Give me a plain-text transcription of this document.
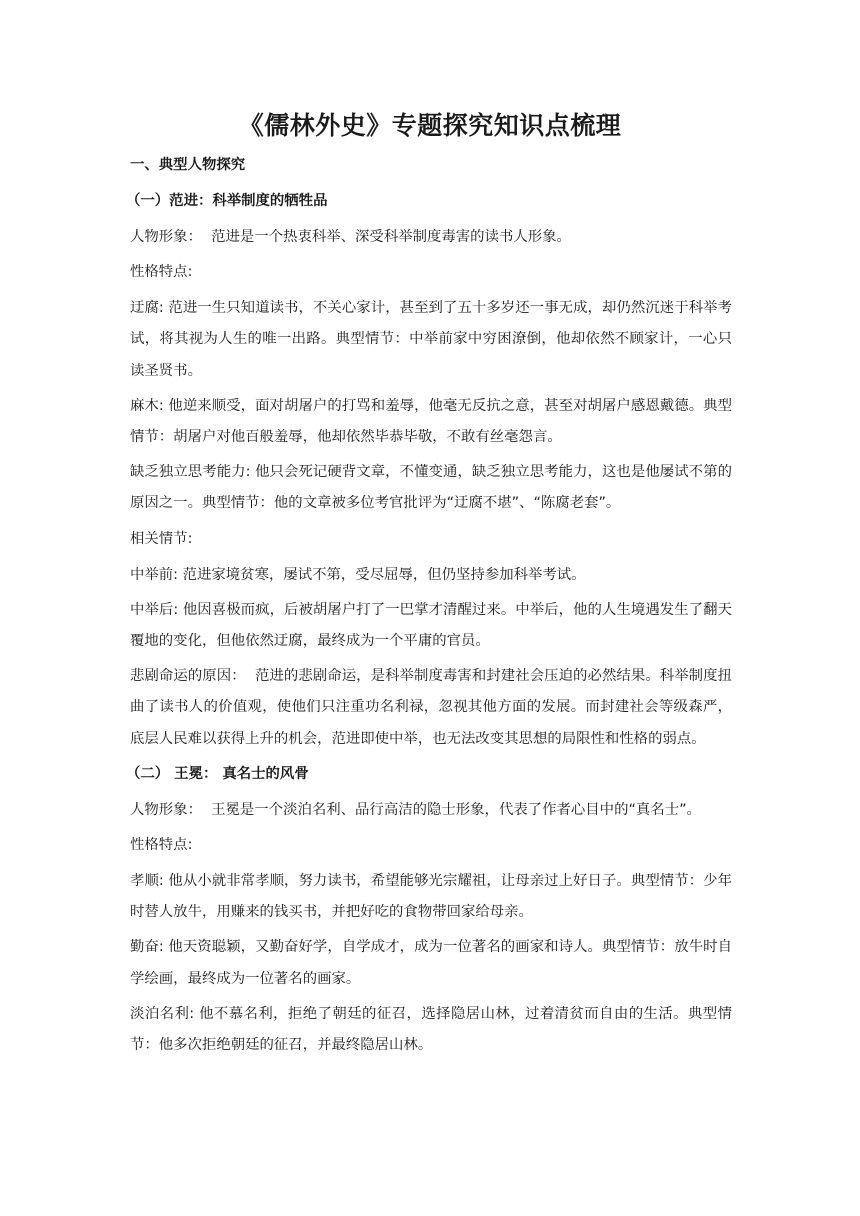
《儒林外史》专题探究知识点梳理

一、典型人物探究

（一）范进：科举制度的牺牲品

人物形象： 范进是一个热衷科举、深受科举制度毒害的读书人形象。

性格特点:

迂腐: 范进一生只知道读书，不关心家计，甚至到了五十多岁还一事无成，却仍然沉迷于科举考试，将其视为人生的唯一出路。典型情节：中举前家中穷困潦倒，他却依然不顾家计，一心只读圣贤书。

麻木: 他逆来顺受，面对胡屠户的打骂和羞辱，他毫无反抗之意，甚至对胡屠户感恩戴德。典型情节：胡屠户对他百般羞辱，他却依然毕恭毕敬，不敢有丝毫怨言。

缺乏独立思考能力: 他只会死记硬背文章，不懂变通，缺乏独立思考能力，这也是他屡试不第的原因之一。典型情节：他的文章被多位考官批评为“迂腐不堪”、“陈腐老套”。

相关情节:

中举前: 范进家境贫寒，屡试不第，受尽屈辱，但仍坚持参加科举考试。

中举后: 他因喜极而疯，后被胡屠户打了一巴掌才清醒过来。中举后，他的人生境遇发生了翻天覆地的变化，但他依然迂腐，最终成为一个平庸的官员。

悲剧命运的原因： 范进的悲剧命运，是科举制度毒害和封建社会压迫的必然结果。科举制度扭曲了读书人的价值观，使他们只注重功名利禄，忽视其他方面的发展。而封建社会等级森严，底层人民难以获得上升的机会，范进即使中举，也无法改变其思想的局限性和性格的弱点。

（二） 王冕： 真名士的风骨

人物形象： 王冕是一个淡泊名利、品行高洁的隐士形象，代表了作者心目中的“真名士”。

性格特点:

孝顺: 他从小就非常孝顺，努力读书，希望能够光宗耀祖，让母亲过上好日子。典型情节：少年时替人放牛，用赚来的钱买书，并把好吃的食物带回家给母亲。

勤奋: 他天资聪颖，又勤奋好学，自学成才，成为一位著名的画家和诗人。典型情节：放牛时自学绘画，最终成为一位著名的画家。

淡泊名利: 他不慕名利，拒绝了朝廷的征召，选择隐居山林，过着清贫而自由的生活。典型情节：他多次拒绝朝廷的征召，并最终隐居山林。
